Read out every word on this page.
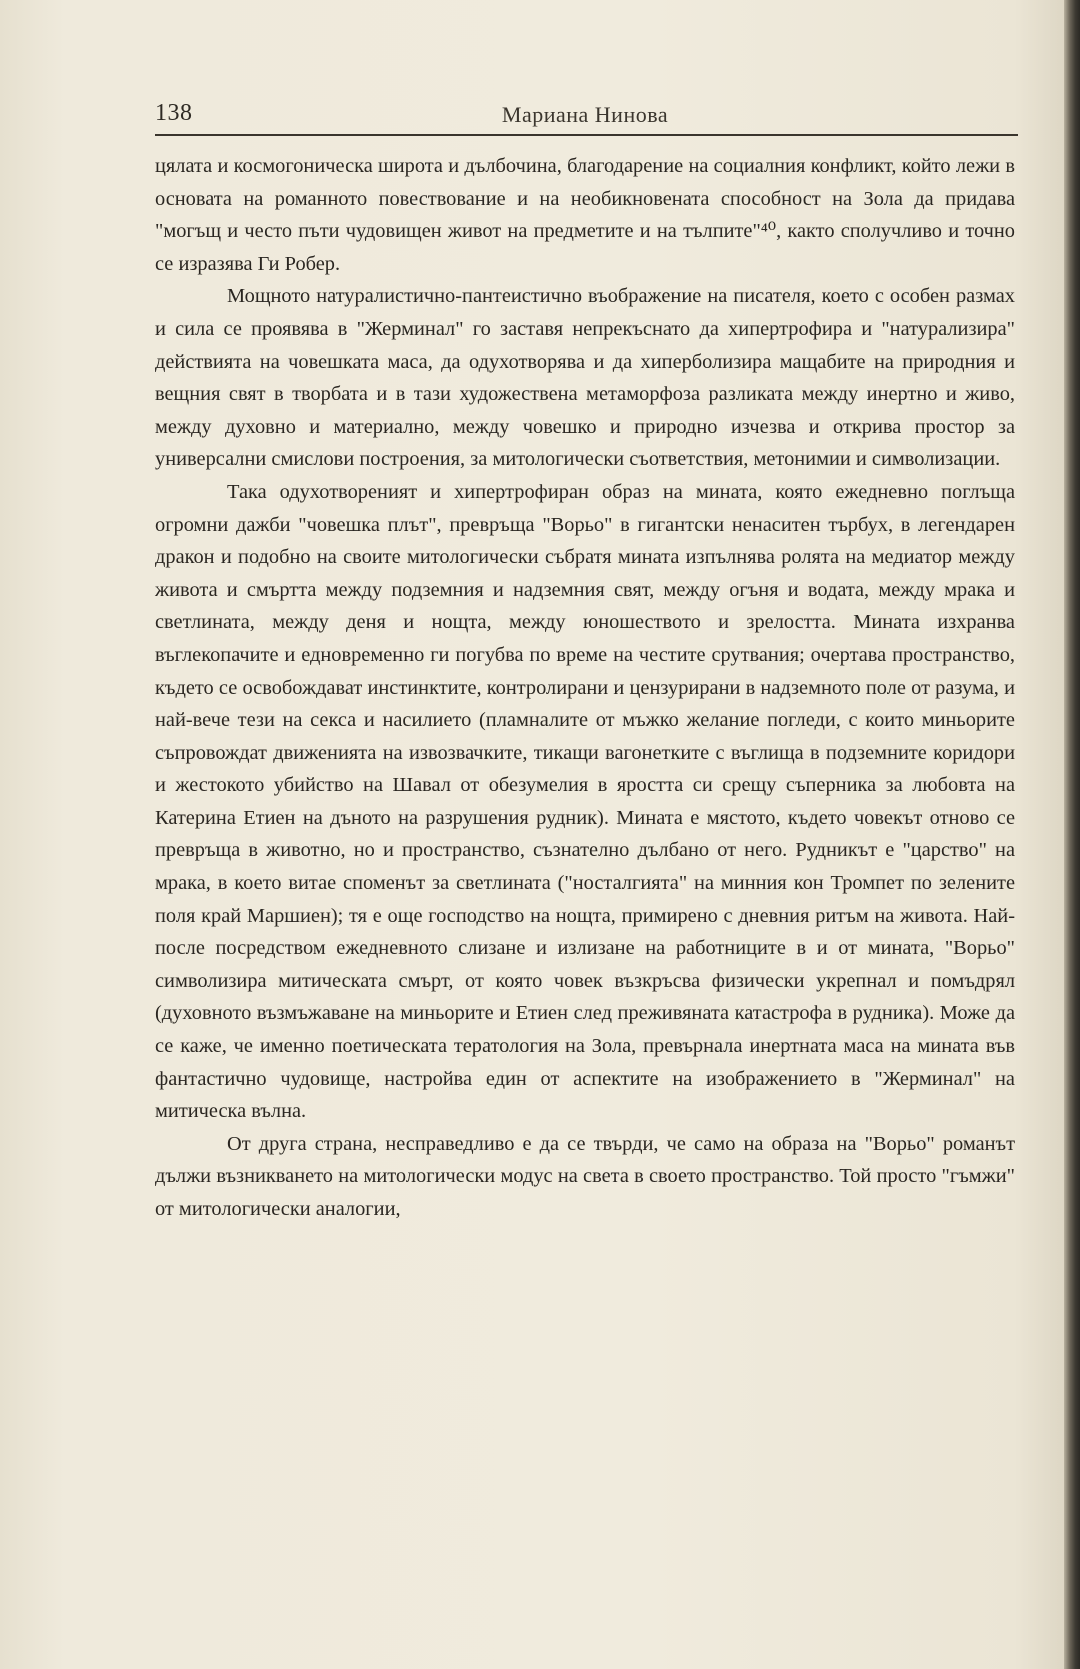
138	Мариана Нинова

цялата и космогоническа широта и дълбочина, благодарение на социалния конфликт, който лежи в основата на романното повествование и на необикновената способност на Зола да придава "могъщ и често пъти чудовищен живот на предметите и на тълпите"⁴⁰, както сполучливо и точно се изразява Ги Робер.

Мощното натуралистично-пантеистично въображение на писателя, което с особен размах и сила се проявява в "Жерминал" го заставя непрекъснато да хипертрофира и "натурализира" действията на човешката маса, да одухотворява и да хиперболизира мащабите на природния и вещния свят в творбата и в тази художествена метаморфоза разликата между инертно и живо, между духовно и материално, между човешко и природно изчезва и открива простор за универсални смислови построения, за митологически съответствия, метонимии и символизации.

Така одухотвореният и хипертрофиран образ на мината, която ежедневно поглъща огромни дажби "човешка плът", превръща "Ворьо" в гигантски ненаситен търбух, в легендарен дракон и подобно на своите митологически събратя мината изпълнява ролята на медиатор между живота и смъртта между подземния и надземния свят, между огъня и водата, между мрака и светлината, между деня и нощта, между юношеството и зрелостта. Мината изхранва въглекопачите и едновременно ги погубва по време на честите срутвания; очертава пространство, където се освобождават инстинктите, контролирани и цензурирани в надземното поле от разума, и най-вече тези на секса и насилието (пламналите от мъжко желание погледи, с които миньорите съпровождат движенията на извозвачките, тикащи вагонетките с въглища в подземните коридори и жестокото убийство на Шавал от обезумелия в яростта си срещу съперника за любовта на Катерина Етиен на дъното на разрушения рудник). Мината е мястото, където човекът отново се превръща в животно, но и пространство, съзнателно дълбано от него. Рудникът е "царство" на мрака, в което витае споменът за светлината ("носталгията" на минния кон Тромпет по зелените поля край Маршиен); тя е още господство на нощта, примирено с дневния ритъм на живота. Най-после посредством ежедневното слизане и излизане на работниците в и от мината, "Ворьо" символизира митическата смърт, от която човек възкръсва физически укрепнал и помъдрял (духовното възмъжаване на миньорите и Етиен след преживяната катастрофа в рудника). Може да се каже, че именно поетическата тератология на Зола, превърнала инертната маса на мината във фантастично чудовище, настройва един от аспектите на изображението в "Жерминал" на митическа вълна.

От друга страна, несправедливо е да се твърди, че само на образа на "Ворьо" романът дължи възникването на митологически модус на света в своето пространство. Той просто "гъмжи" от митологически аналогии,
